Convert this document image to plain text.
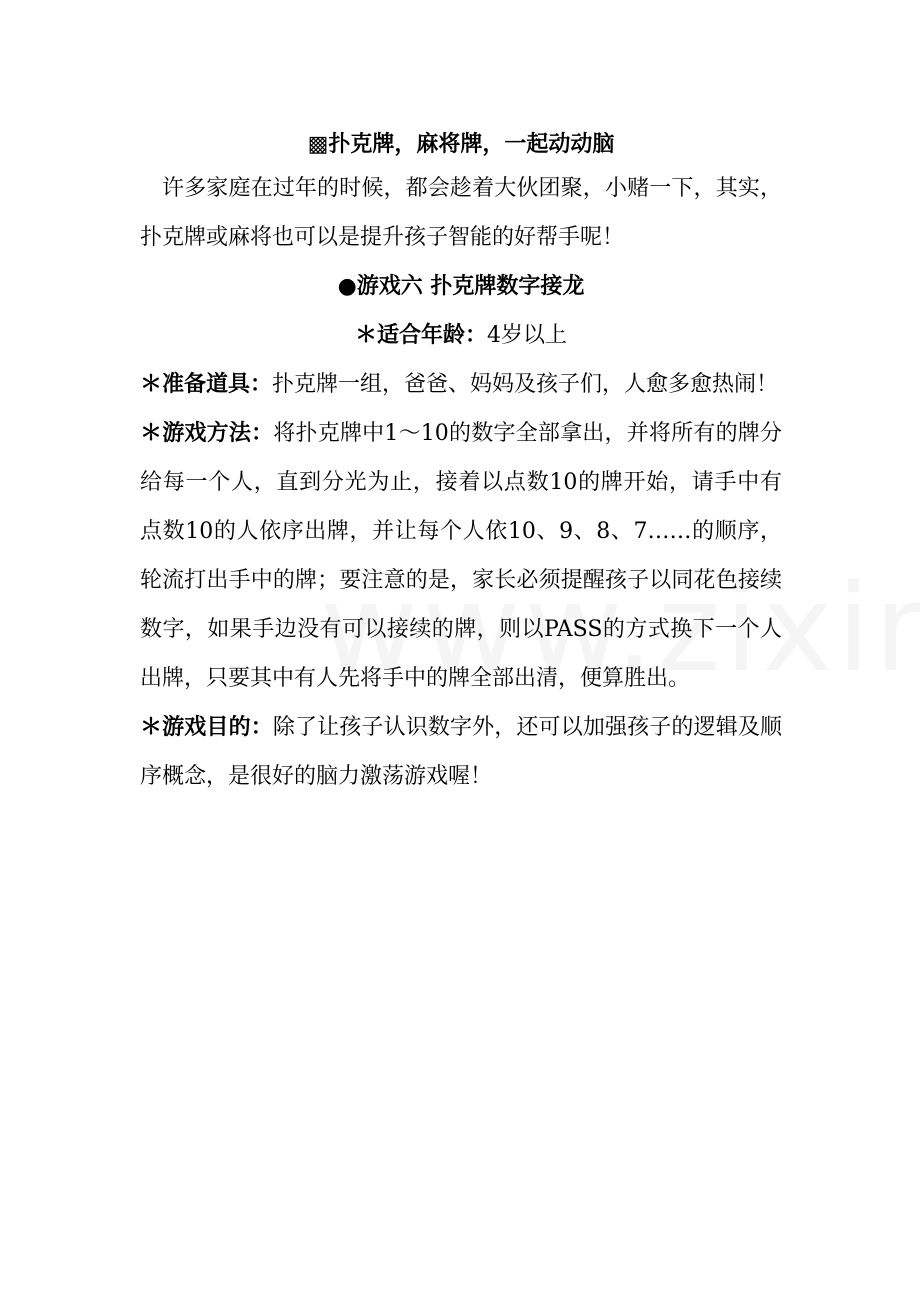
▩扑克牌，麻将牌，一起动动脑

许多家庭在过年的时候，都会趁着大伙团聚，小赌一下，其实，扑克牌或麻将也可以是提升孩子智能的好帮手呢！

●游戏六 扑克牌数字接龙

＊适合年龄：4岁以上

＊准备道具：扑克牌一组，爸爸、妈妈及孩子们，人愈多愈热闹！

＊游戏方法：将扑克牌中1～10的数字全部拿出，并将所有的牌分给每一个人，直到分光为止，接着以点数10的牌开始，请手中有点数10的人依序出牌，并让每个人依10、9、8、7……的顺序，轮流打出手中的牌；要注意的是，家长必须提醒孩子以同花色接续数字，如果手边没有可以接续的牌，则以PASS的方式换下一个人出牌，只要其中有人先将手中的牌全部出清，便算胜出。

＊游戏目的：除了让孩子认识数字外，还可以加强孩子的逻辑及顺序概念，是很好的脑力激荡游戏喔！
